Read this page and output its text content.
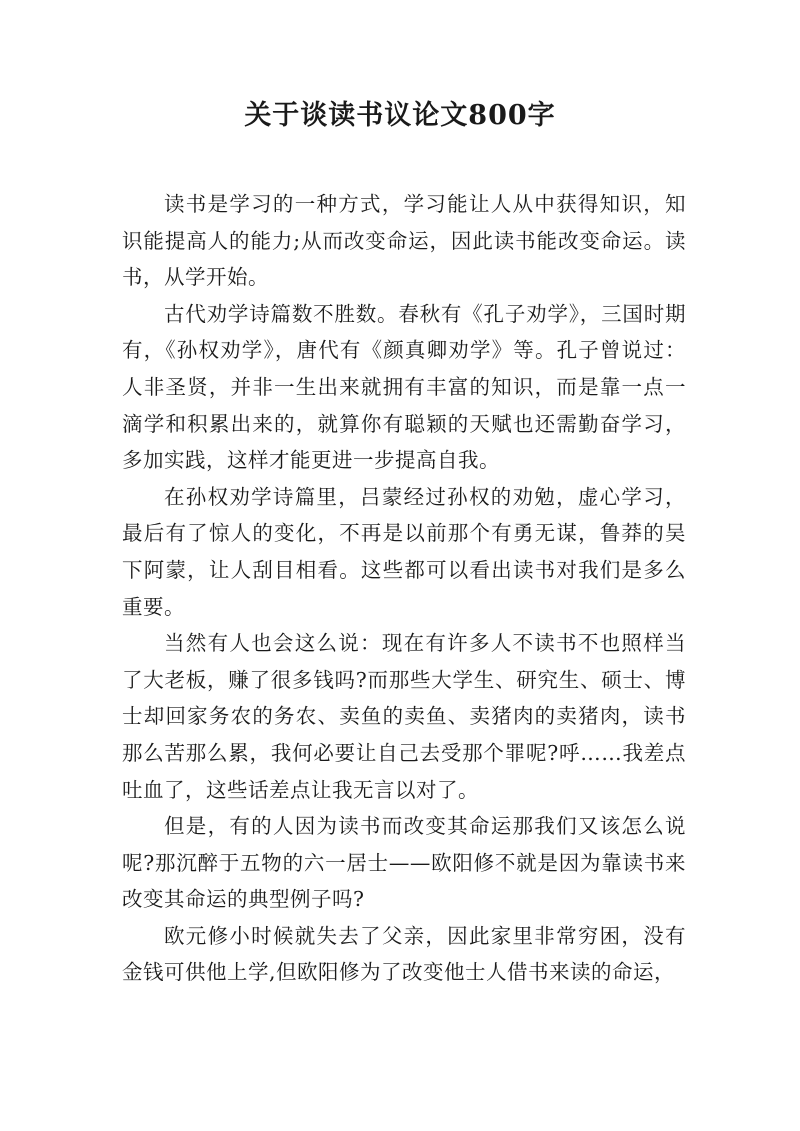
关于谈读书议论文800字

读书是学习的一种方式，学习能让人从中获得知识，知识能提高人的能力;从而改变命运，因此读书能改变命运。读书，从学开始。

古代劝学诗篇数不胜数。春秋有《孔子劝学》，三国时期有，《孙权劝学》，唐代有《颜真卿劝学》等。孔子曾说过：人非圣贤，并非一生出来就拥有丰富的知识，而是靠一点一滴学和积累出来的，就算你有聪颖的天赋也还需勤奋学习，多加实践，这样才能更进一步提高自我。

在孙权劝学诗篇里，吕蒙经过孙权的劝勉，虚心学习，最后有了惊人的变化，不再是以前那个有勇无谋，鲁莽的吴下阿蒙，让人刮目相看。这些都可以看出读书对我们是多么重要。

当然有人也会这么说：现在有许多人不读书不也照样当了大老板，赚了很多钱吗?而那些大学生、研究生、硕士、博士却回家务农的务农、卖鱼的卖鱼、卖猪肉的卖猪肉，读书那么苦那么累，我何必要让自己去受那个罪呢?呼……我差点吐血了，这些话差点让我无言以对了。

但是，有的人因为读书而改变其命运那我们又该怎么说呢?那沉醉于五物的六一居士——欧阳修不就是因为靠读书来改变其命运的典型例子吗?

欧元修小时候就失去了父亲，因此家里非常穷困，没有金钱可供他上学,但欧阳修为了改变他士人借书来读的命运，
